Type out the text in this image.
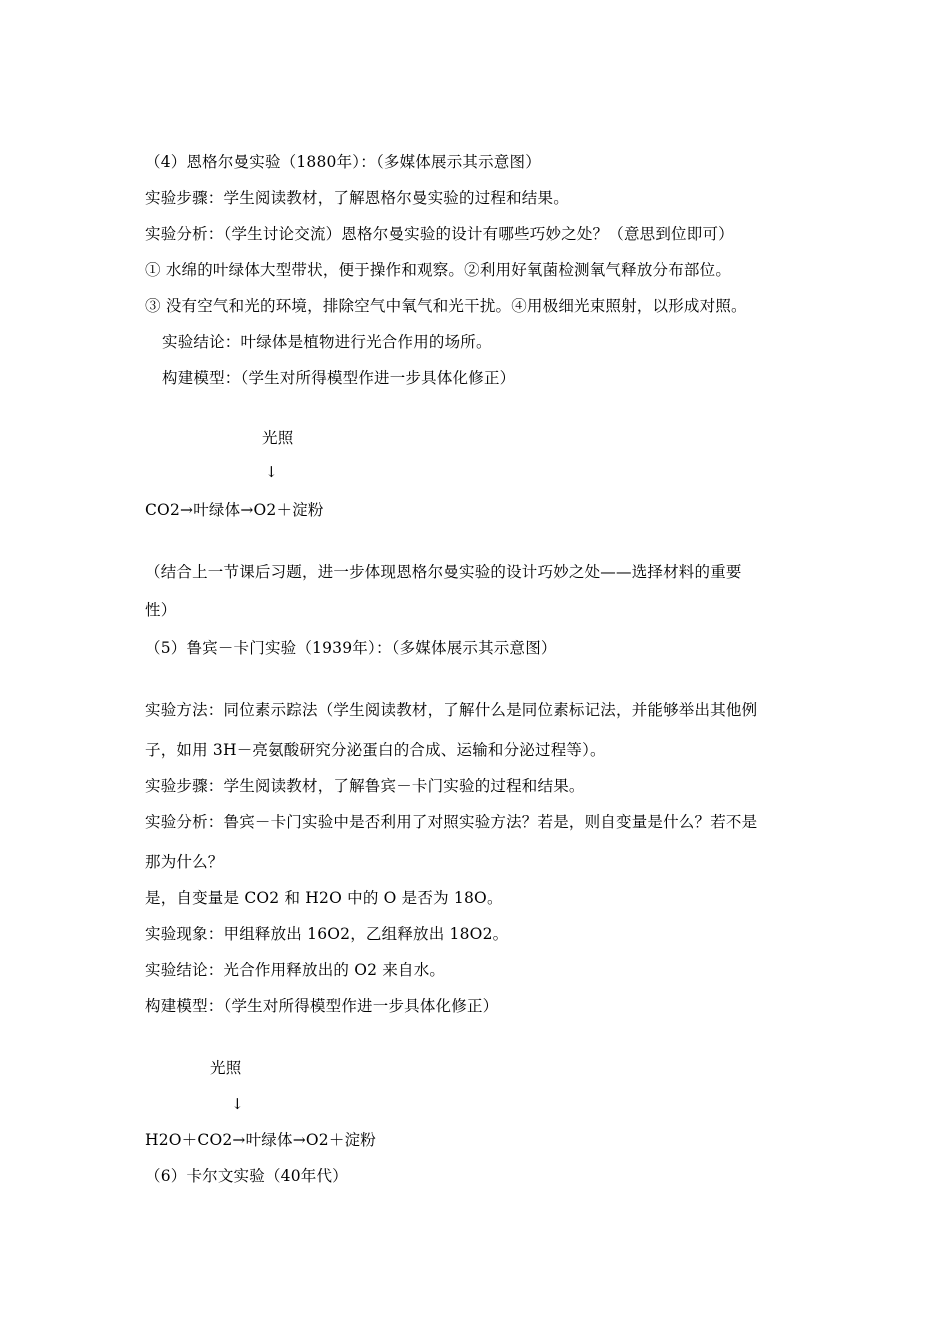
（4）恩格尔曼实验（1880年）：（多媒体展示其示意图）
实验步骤：学生阅读教材，了解恩格尔曼实验的过程和结果。
实验分析：（学生讨论交流）恩格尔曼实验的设计有哪些巧妙之处？（意思到位即可）
① 水绵的叶绿体大型带状，便于操作和观察。②利用好氧菌检测氧气释放分布部位。
③ 没有空气和光的环境，排除空气中氧气和光干扰。④用极细光束照射，以形成对照。
实验结论：叶绿体是植物进行光合作用的场所。
构建模型：（学生对所得模型作进一步具体化修正）
光照
↓
CO2→叶绿体→O2＋淀粉
（结合上一节课后习题，进一步体现恩格尔曼实验的设计巧妙之处——选择材料的重要
性）
（5）鲁宾－卡门实验（1939年）：（多媒体展示其示意图）
实验方法：同位素示踪法（学生阅读教材，了解什么是同位素标记法，并能够举出其他例
子，如用 3H－亮氨酸研究分泌蛋白的合成、运输和分泌过程等）。
实验步骤：学生阅读教材，了解鲁宾－卡门实验的过程和结果。
实验分析：鲁宾－卡门实验中是否利用了对照实验方法？若是，则自变量是什么？若不是
那为什么？
是，自变量是 CO2 和 H2O 中的 O 是否为 18O。
实验现象：甲组释放出 16O2，乙组释放出 18O2。
实验结论：光合作用释放出的 O2 来自水。
构建模型：（学生对所得模型作进一步具体化修正）
光照
↓
H2O＋CO2→叶绿体→O2＋淀粉
（6）卡尔文实验（40年代）
